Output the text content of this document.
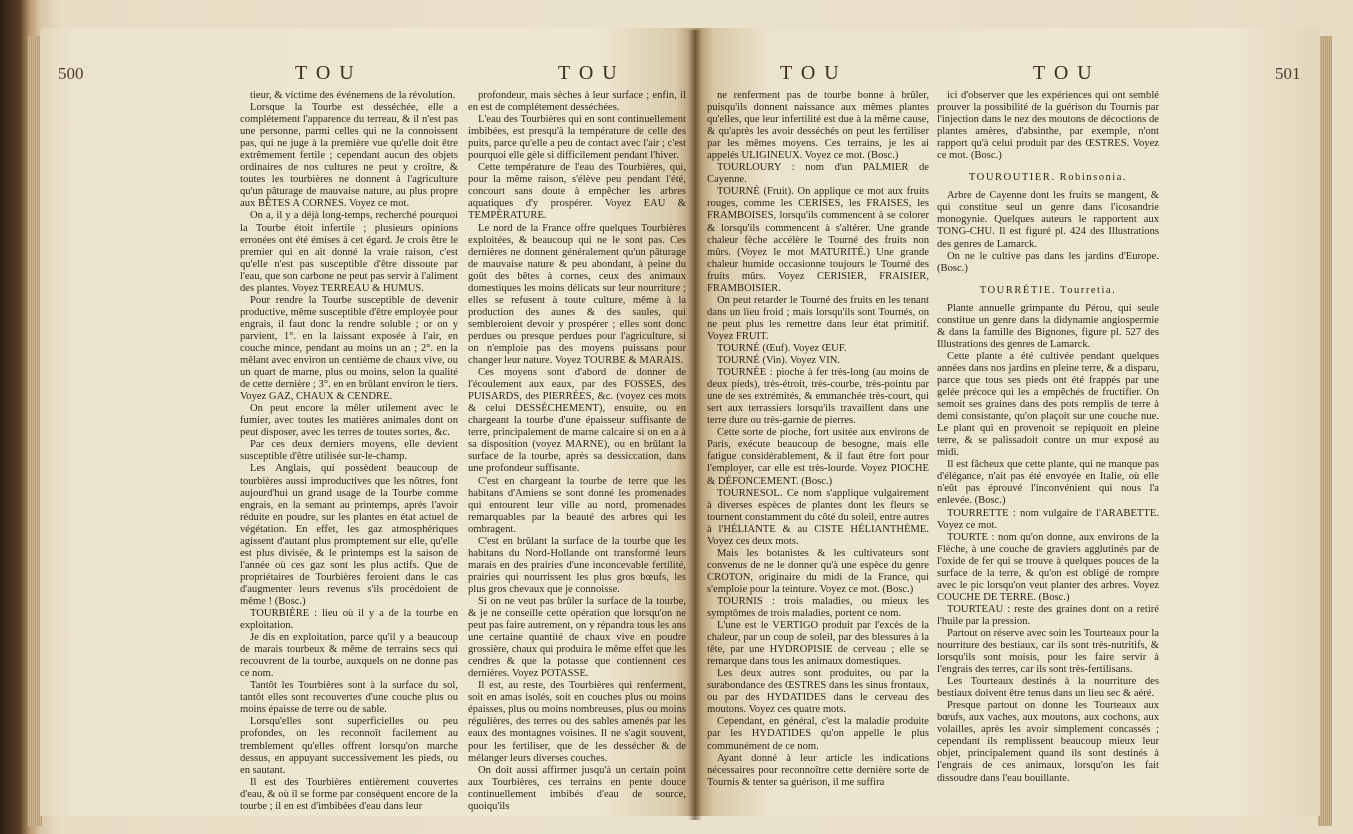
500	TOU	TOU

tieur, & victime des événemens de la révolution.

Lorsque la Tourbe est desséchée, elle a complétement l'apparence du terreau, & il n'est pas une personne, parmi celles qui ne la connoissent pas, qui ne juge à la première vue qu'elle doit être extrêmement fertile ; cependant aucun des objets ordinaires de nos cultures ne peut y croître, & toutes les tourbières ne donnent à l'agriculture qu'un pâturage de mauvaise nature, au plus propre aux BÊTES A CORNES. Voyez ce mot.

On a, il y a déjà long-temps, recherché pourquoi la Tourbe étoit infertile ; plusieurs opinions erronées ont été émises à cet égard. Je crois être le premier qui en ait donné la vraie raison, c'est qu'elle n'est pas susceptible d'être dissoute par l'eau, que son carbone ne peut pas servir à l'aliment des plantes. Voyez TERREAU & HUMUS.

Pour rendre la Tourbe susceptible de devenir productive, même susceptible d'être employée pour engrais, il faut donc la rendre soluble ; or on y parvient, 1°. en la laissant exposée à l'air, en couche mince, pendant au moins un an ; 2°. en la mêlant avec environ un centième de chaux vive, ou un quart de marne, plus ou moins, selon la qualité de cette dernière ; 3°. en en brûlant environ le tiers. Voyez GAZ, CHAUX & CENDRE.

On peut encore la mêler utilement avec le fumier, avec toutes les matières animales dont on peut disposer, avec les terres de toutes sortes, &c.

Par ces deux derniers moyens, elle devient susceptible d'être utilisée sur-le-champ.

Les Anglais, qui possèdent beaucoup de tourbières aussi improductives que les nôtres, font aujourd'hui un grand usage de la Tourbe comme engrais, en la semant au printemps, après l'avoir réduite en poudre, sur les plantes en état actuel de végétation. En effet, les gaz atmosphériques agissent d'autant plus promptement sur elle, qu'elle est plus divisée, & le printemps est la saison de l'année où ces gaz sont les plus actifs. Que de propriétaires de Tourbières feroient dans le cas d'augmenter leurs revenus s'ils procédoient de même ! (Bosc.)

TOURBIÈRE : lieu où il y a de la tourbe en exploitation.

Je dis en exploitation, parce qu'il y a beaucoup de marais tourbeux & même de terrains secs qui recouvrent de la tourbe, auxquels on ne donne pas ce nom.

Tantôt les Tourbières sont à la surface du sol, tantôt elles sont recouvertes d'une couche plus ou moins épaisse de terre ou de sable.

Lorsqu'elles sont superficielles ou peu profondes, on les reconnoît facilement au tremblement qu'elles offrent lorsqu'on marche dessus, en appuyant successivement les pieds, ou en sautant.

Il est des Tourbières entièrement couvertes d'eau, & où il se forme par conséquent encore de la tourbe ; il en est d'imbibées d'eau dans leur

profondeur, mais sèches à leur surface ; enfin, il en est de complétement desséchées.

L'eau des Tourbières qui en sont continuellement imbibées, est presqu'à la température de celle des puits, parce qu'elle a peu de contact avec l'air ; c'est pourquoi elle gèle si difficilement pendant l'hiver.

Cette température de l'eau des Tourbières, qui, pour la même raison, s'élève peu pendant l'été, concourt sans doute à empêcher les arbres aquatiques d'y prospérer. Voyez EAU & TEMPÉRATURE.

Le nord de la France offre quelques Tourbières exploitées, & beaucoup qui ne le sont pas. Ces dernières ne donnent généralement qu'un pâturage de mauvaise nature & peu abondant, à peine du goût des bêtes à cornes, ceux des animaux domestiques les moins délicats sur leur nourriture ; elles se refusent à toute culture, même à la production des aunes & des saules, qui sembleroient devoir y prospérer ; elles sont donc perdues ou presque perdues pour l'agriculture, si on n'emploie pas des moyens puissans pour changer leur nature. Voyez TOURBE & MARAIS.

Ces moyens sont d'abord de donner de l'écoulement aux eaux, par des FOSSES, des PUISARDS, des PIERRÉES, &c. (voyez ces mots & celui DESSÈCHEMENT), ensuite, ou en chargeant la tourbe d'une épaisseur suffisante de terre, principalement de marne calcaire si on en a à sa disposition (voyez MARNE), ou en brûlant la surface de la tourbe, après sa dessiccation, dans une profondeur suffisante.

C'est en chargeant la tourbe de terre que les habitans d'Amiens se sont donné les promenades qui entourent leur ville au nord, promenades remarquables par la beauté des arbres qui les ombragent.

C'est en brûlant la surface de la tourbe que les habitans du Nord-Hollande ont transformé leurs marais en des prairies d'une inconcevable fertilité, prairies qui nourrissent les plus gros bœufs, les plus gros chevaux que je connoisse.

Si on ne veut pas brûler la surface de la tourbe, & je ne conseille cette opération que lorsqu'on ne peut pas faire autrement, on y répandra tous les ans une certaine quantité de chaux vive en poudre grossière, chaux qui produira le même effet que les cendres & que la potasse que contiennent ces dernières. Voyez POTASSE.

Il est, au reste, des Tourbières qui renferment, soit en amas isolés, soit en couches plus ou moins épaisses, plus ou moins nombreuses, plus ou moins régulières, des terres ou des sables amenés par les eaux des montagnes voisines. Il ne s'agit souvent, pour les fertiliser, que de les dessécher & de mélanger leurs diverses couches.

On doit aussi affirmer jusqu'à un certain point aux Tourbières, ces terrains en pente douce continuellement imbibés d'eau de source, quoiqu'ils

TOU	TOU	501

ne renferment pas de tourbe bonne à brûler, puisqu'ils donnent naissance aux mêmes plantes qu'elles, que leur infertilité est due à la même cause, & qu'après les avoir desséchés on peut les fertiliser par les mêmes moyens. Ces terrains, je les ai appelés ULIGINEUX. Voyez ce mot. (Bosc.)

TOURLOURY : nom d'un PALMIER de Cayenne.

TOURNÉ (Fruit). On applique ce mot aux fruits rouges, comme les CERISES, les FRAISES, les FRAMBOISES, lorsqu'ils commencent à se colorer & lorsqu'ils commencent à s'altérer. Une grande chaleur fèche accélère le Tourné des fruits non mûrs. (Voyez le mot MATURITÉ.) Une grande chaleur humide occasionne toujours le Tourné des fruits mûrs. Voyez CERISIER, FRAISIER, FRAMBOISIER.

On peut retarder le Tourné des fruits en les tenant dans un lieu froid ; mais lorsqu'ils sont Tournés, on ne peut plus les remettre dans leur état primitif. Voyez FRUIT.

TOURNÉ (Œuf). Voyez ŒUF.

TOURNÉ (Vin). Voyez VIN.

TOURNÉE : pioche à fer très-long (au moins de deux pieds), très-étroit, très-courbe, très-pointu par une de ses extrémités, & emmanchée très-court, qui sert aux terrassiers lorsqu'ils travaillent dans une terre dure ou très-garnie de pierres.

Cette sorte de pioche, fort usitée aux environs de Paris, exécute beaucoup de besogne, mais elle fatigue considérablement, & il faut être fort pour l'employer, car elle est très-lourde. Voyez PIOCHE & DÉFONCEMENT. (Bosc.)

TOURNESOL. Ce nom s'applique vulgairement à diverses espèces de plantes dont les fleurs se tournent constamment du côté du soleil, entre autres à l'HÉLIANTE & au CISTE HÉLIANTHÈME. Voyez ces deux mots.

Mais les botanistes & les cultivateurs sont convenus de ne le donner qu'à une espèce du genre CROTON, originaire du midi de la France, qui s'emploie pour la teinture. Voyez ce mot. (Bosc.)

TOURNIS : trois maladies, ou mieux les symptômes de trois maladies, portent ce nom.

L'une est le VERTIGO produit par l'excès de la chaleur, par un coup de soleil, par des blessures à la tête, par une HYDROPISIE de cerveau ; elle se remarque dans tous les animaux domestiques.

Les deux autres sont produites, ou par la surabondance des ŒSTRES dans les sinus frontaux, ou par des HYDATIDES dans le cerveau des moutons. Voyez ces quatre mots.

Cependant, en général, c'est la maladie produite par les HYDATIDES qu'on appelle le plus communément de ce nom.

Ayant donné à leur article les indications nécessaires pour reconnoître cette dernière sorte de Tournis & tenter sa guérison, il me suffira

ici d'observer que les expériences qui ont semblé prouver la possibilité de la guérison du Tournis par l'injection dans le nez des moutons de décoctions de plantes amères, d'absinthe, par exemple, n'ont rapport qu'à celui produit par des ŒSTRES. Voyez ce mot. (Bosc.)

TOUROUTIER. Robinsonia.

Arbre de Cayenne dont les fruits se mangent, & qui constitue seul un genre dans l'icosandrie monogynie. Quelques auteurs le rapportent aux TONG-CHU. Il est figuré pl. 424 des Illustrations des genres de Lamarck.

On ne le cultive pas dans les jardins d'Europe. (Bosc.)

TOURRÉTIE. Tourretia.

Plante annuelle grimpante du Pérou, qui seule constitue un genre dans la didynamie angiospermie & dans la famille des Bignones, figure pl. 527 des Illustrations des genres de Lamarck.

Cette plante a été cultivée pendant quelques années dans nos jardins en pleine terre, & a disparu, parce que tous ses pieds ont été frappés par une gelée précoce qui les a empêchés de fructifier. On semoit ses graines dans des pots remplis de terre à demi consistante, qu'on plaçoit sur une couche nue. Le plant qui en provenoit se repiquoit en pleine terre, & se palissadoit contre un mur exposé au midi.

Il est fâcheux que cette plante, qui ne manque pas d'élégance, n'ait pas été envoyée en Italie, où elle n'eût pas éprouvé l'inconvénient qui nous l'a enlevée. (Bosc.)

TOURRETTE : nom vulgaire de l'ARABETTE. Voyez ce mot.

TOURTE : nom qu'on donne, aux environs de la Flèche, à une couche de graviers agglutinés par de l'oxide de fer qui se trouve à quelques pouces de la surface de la terre, & qu'on est obligé de rompre avec le pic lorsqu'on veut planter des arbres. Voyez COUCHE DE TERRE. (Bosc.)

TOURTEAU : reste des graines dont on a retiré l'huile par la pression.

Partout on réserve avec soin les Tourteaux pour la nourriture des bestiaux, car ils sont très-nutritifs, & lorsqu'ils sont moisis, pour les faire servir à l'engrais des terres, car ils sont très-fertilisans.

Les Tourteaux destinés à la nourriture des bestiaux doivent être tenus dans un lieu sec & aéré.

Presque partout on donne les Tourteaux aux bœufs, aux vaches, aux moutons, aux cochons, aux volailles, après les avoir simplement concassés ; cependant ils remplissent beaucoup mieux leur objet, principalement quand ils sont destinés à l'engrais de ces animaux, lorsqu'on les fait dissoudre dans l'eau bouillante.
